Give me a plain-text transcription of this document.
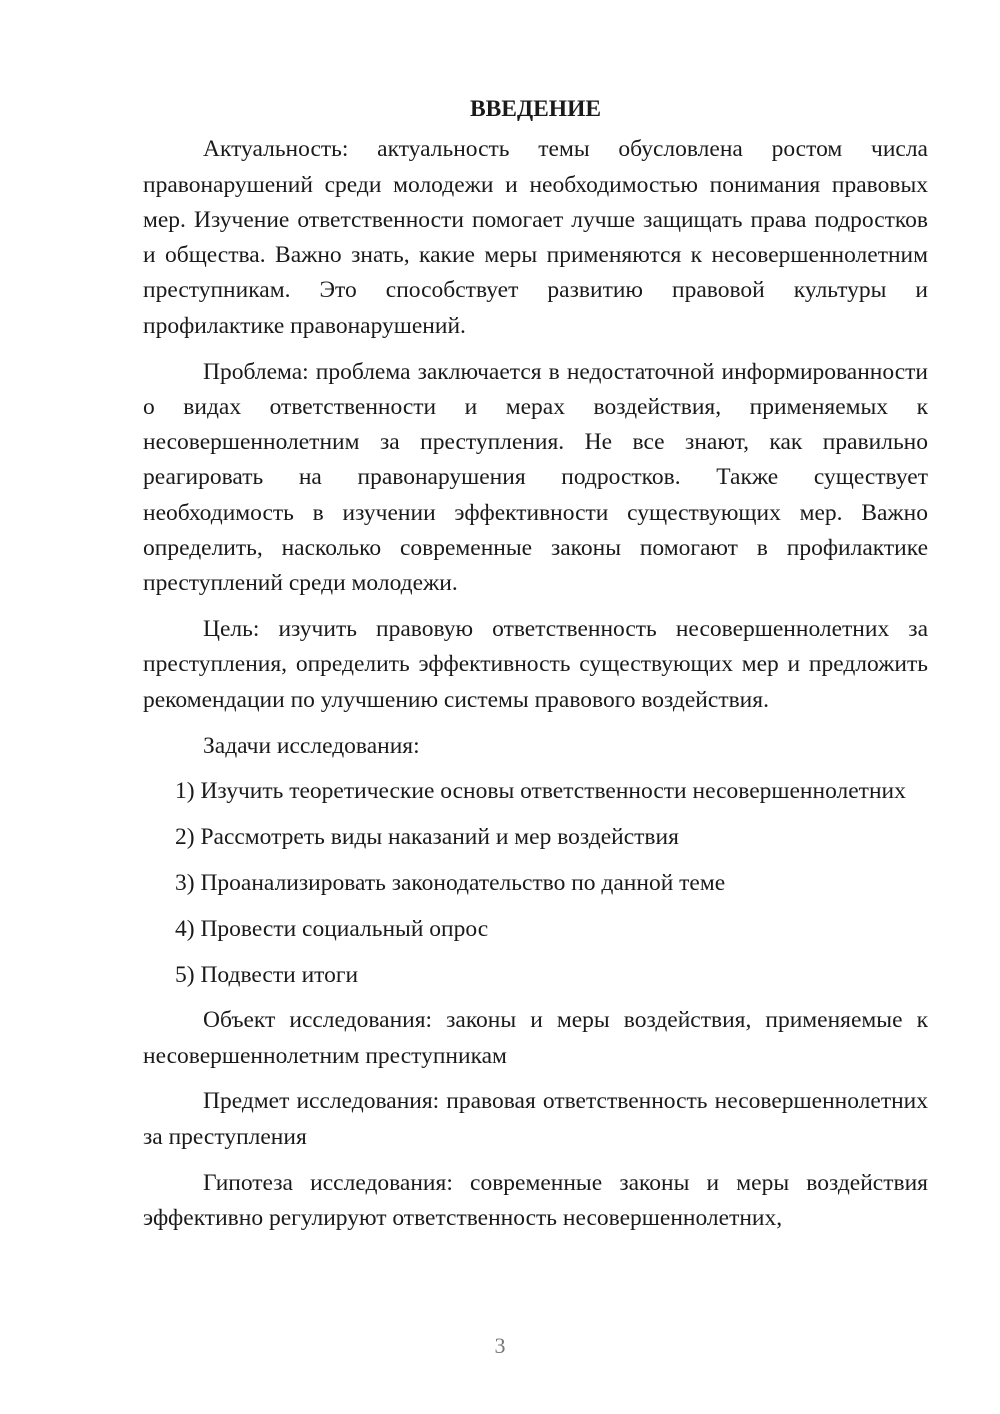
ВВЕДЕНИЕ

Актуальность: актуальность темы обусловлена ростом числа правонарушений среди молодежи и необходимостью понимания правовых мер. Изучение ответственности помогает лучше защищать права подростков и общества. Важно знать, какие меры применяются к несовершеннолетним преступникам. Это способствует развитию правовой культуры и профилактике правонарушений.

Проблема: проблема заключается в недостаточной информированности о видах ответственности и мерах воздействия, применяемых к несовершеннолетним за преступления. Не все знают, как правильно реагировать на правонарушения подростков. Также существует необходимость в изучении эффективности существующих мер. Важно определить, насколько современные законы помогают в профилактике преступлений среди молодежи.

Цель: изучить правовую ответственность несовершеннолетних за преступления, определить эффективность существующих мер и предложить рекомендации по улучшению системы правового воздействия.

Задачи исследования:

1) Изучить теоретические основы ответственности несовершеннолетних

2) Рассмотреть виды наказаний и мер воздействия

3) Проанализировать законодательство по данной теме

4) Провести социальный опрос

5) Подвести итоги

Объект исследования: законы и меры воздействия, применяемые к несовершеннолетним преступникам

Предмет исследования: правовая ответственность несовершеннолетних за преступления

Гипотеза исследования: современные законы и меры воздействия эффективно регулируют ответственность несовершеннолетних,

3
